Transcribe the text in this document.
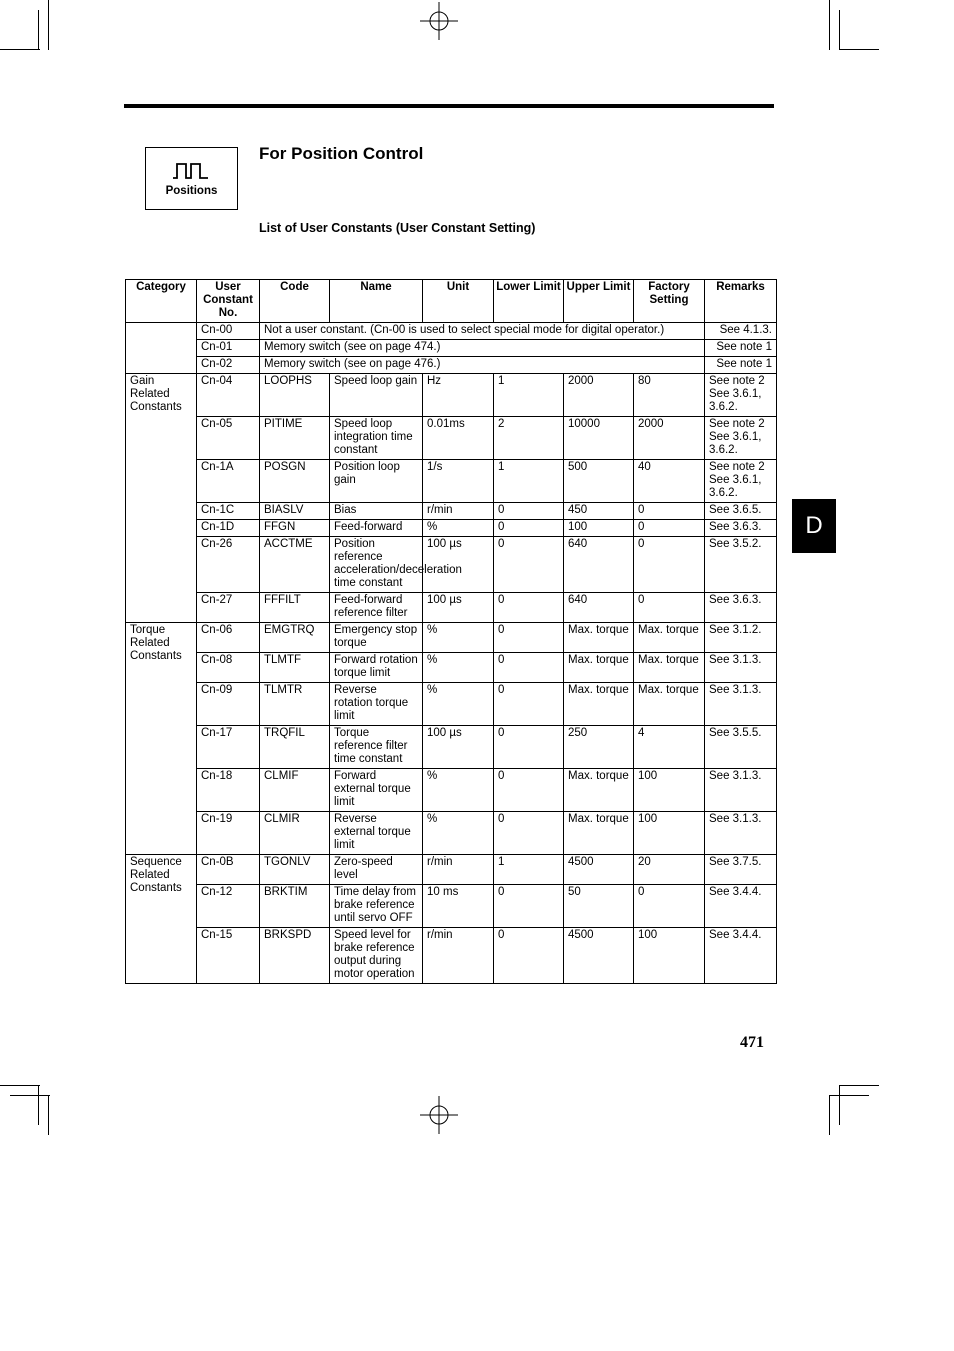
Positions
For Position Control
List of User Constants (User Constant Setting)
Category	User Constant No.	Code	Name	Unit	Lower Limit	Upper Limit	Factory Setting	Remarks
	Cn-00	Not a user constant. (Cn-00 is used to select special mode for digital operator.)						See 4.1.3.
	Cn-01	Memory switch (see on page 474.)						See note 1
	Cn-02	Memory switch (see on page 476.)						See note 1
Gain Related Constants	Cn-04	LOOPHS	Speed loop gain	Hz	1	2000	80	See note 2 See 3.6.1, 3.6.2.
	Cn-05	PITIME	Speed loop integration time constant	0.01ms	2	10000	2000	See note 2 See 3.6.1, 3.6.2.
	Cn-1A	POSGN	Position loop gain	1/s	1	500	40	See note 2 See 3.6.1, 3.6.2.
	Cn-1C	BIASLV	Bias	r/min	0	450	0	See 3.6.5.
	Cn-1D	FFGN	Feed-forward	%	0	100	0	See 3.6.3.
	Cn-26	ACCTME	Position reference acceleration/deceleration time constant	100 µs	0	640	0	See 3.5.2.
	Cn-27	FFFILT	Feed-forward reference filter	100 µs	0	640	0	See 3.6.3.
Torque Related Constants	Cn-06	EMGTRQ	Emergency stop torque	%	0	Max. torque	Max. torque	See 3.1.2.
	Cn-08	TLMTF	Forward rotation torque limit	%	0	Max. torque	Max. torque	See 3.1.3.
	Cn-09	TLMTR	Reverse rotation torque limit	%	0	Max. torque	Max. torque	See 3.1.3.
	Cn-17	TRQFIL	Torque reference filter time constant	100 µs	0	250	4	See 3.5.5.
	Cn-18	CLMIF	Forward external torque limit	%	0	Max. torque	100	See 3.1.3.
	Cn-19	CLMIR	Reverse external torque limit	%	0	Max. torque	100	See 3.1.3.
Sequence Related Constants	Cn-0B	TGONLV	Zero-speed level	r/min	1	4500	20	See 3.7.5.
	Cn-12	BRKTIM	Time delay from brake reference until servo OFF	10 ms	0	50	0	See 3.4.4.
	Cn-15	BRKSPD	Speed level for brake reference output during motor operation	r/min	0	4500	100	See 3.4.4.
471
D
